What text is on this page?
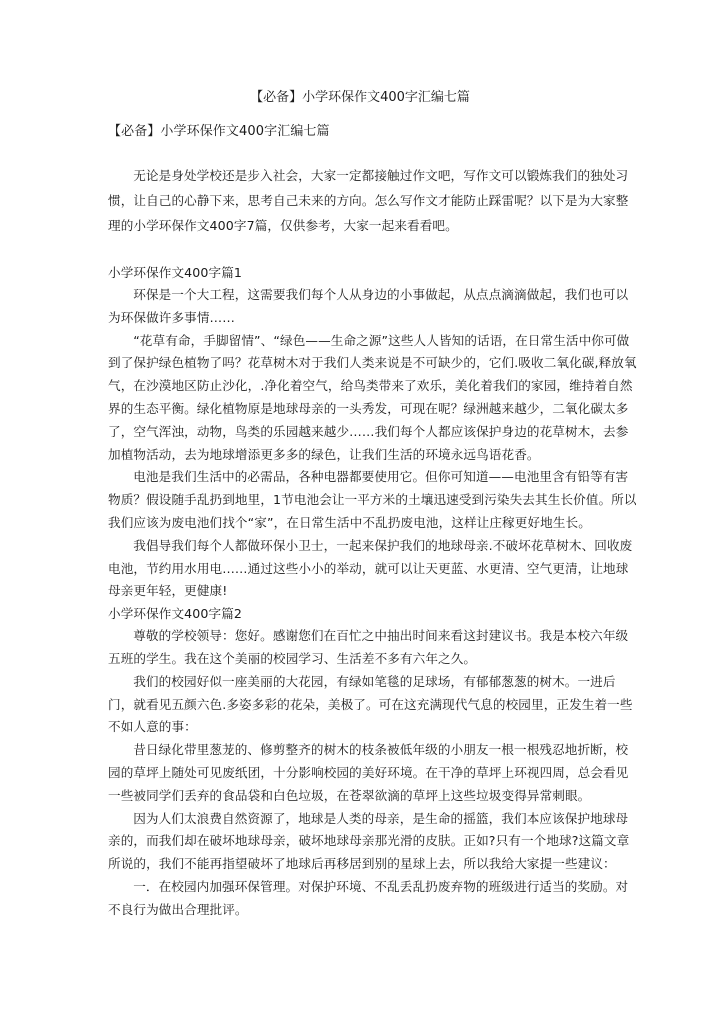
【必备】小学环保作文400字汇编七篇

【必备】小学环保作文400字汇编七篇

无论是身处学校还是步入社会，大家一定都接触过作文吧，写作文可以锻炼我们的独处习惯，让自己的心静下来，思考自己未来的方向。怎么写作文才能防止踩雷呢？以下是为大家整理的小学环保作文400字7篇，仅供参考，大家一起来看看吧。

小学环保作文400字篇1

环保是一个大工程，这需要我们每个人从身边的小事做起，从点点滴滴做起，我们也可以为环保做许多事情……

“花草有命，手脚留情”、“绿色——生命之源”这些人人皆知的话语，在日常生活中你可做到了保护绿色植物了吗？花草树木对于我们人类来说是不可缺少的，它们.吸收二氧化碳,释放氧气，在沙漠地区防止沙化，.净化着空气，给鸟类带来了欢乐，美化着我们的家园，维持着自然界的生态平衡。绿化植物原是地球母亲的一头秀发，可现在呢？绿洲越来越少，二氧化碳太多了，空气浑浊，动物，鸟类的乐园越来越少……我们每个人都应该保护身边的花草树木，去参加植物活动，去为地球增添更多多的绿色，让我们生活的环境永远鸟语花香。

电池是我们生活中的必需品，各种电器都要使用它。但你可知道——电池里含有铅等有害物质？假设随手乱扔到地里，1节电池会让一平方米的土壤迅速受到污染失去其生长价值。所以我们应该为废电池们找个“家”，在日常生活中不乱扔废电池，这样让庄稼更好地生长。

我倡导我们每个人都做环保小卫士，一起来保护我们的地球母亲.不破坏花草树木、回收废电池，节约用水用电……通过这些小小的举动，就可以让天更蓝、水更清、空气更清，让地球母亲更年轻，更健康!

小学环保作文400字篇2

尊敬的学校领导：您好。感谢您们在百忙之中抽出时间来看这封建议书。我是本校六年级五班的学生。我在这个美丽的校园学习、生活差不多有六年之久。

我们的校园好似一座美丽的大花园，有绿如笔毯的足球场，有郁郁葱葱的树木。一进后门，就看见五颜六色.多姿多彩的花朵，美极了。可在这充满现代气息的校园里，正发生着一些不如人意的事：

昔日绿化带里葱茏的、修剪整齐的树木的枝条被低年级的小朋友一根一根残忍地折断，校园的草坪上随处可见废纸团，十分影响校园的美好环境。在干净的草坪上环视四周，总会看见一些被同学们丢弃的食品袋和白色垃圾，在苍翠欲滴的草坪上这些垃圾变得异常刺眼。

因为人们太浪费自然资源了，地球是人类的母亲，是生命的摇篮，我们本应该保护地球母亲的，而我们却在破坏地球母亲，破坏地球母亲那光滑的皮肤。正如?只有一个地球?这篇文章所说的，我们不能再指望破坏了地球后再移居到别的星球上去，所以我给大家提一些建议：

一．在校园内加强环保管理。对保护环境、不乱丢乱扔废弃物的班级进行适当的奖励。对不良行为做出合理批评。
